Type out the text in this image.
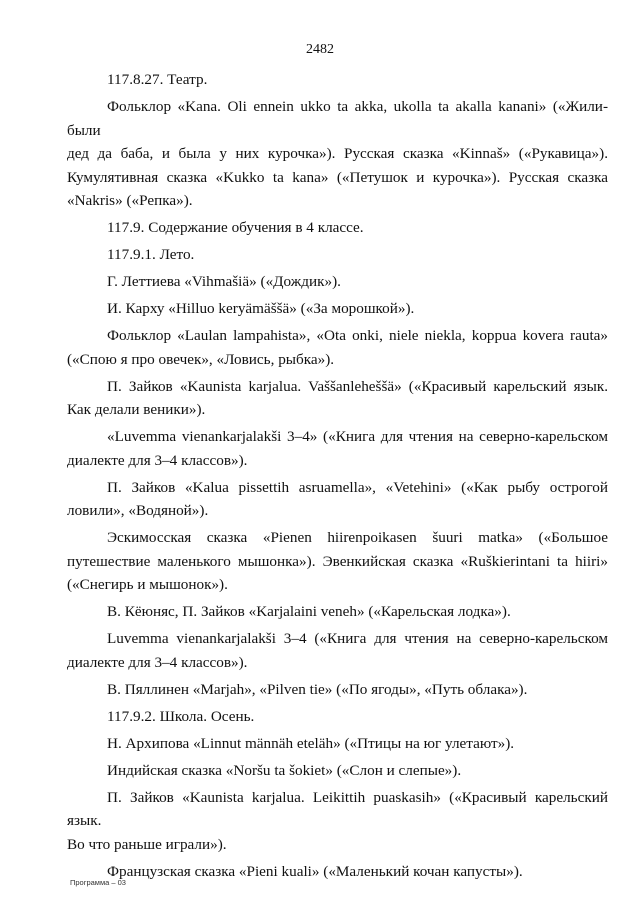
2482
117.8.27. Театр.
Фольклор «Kana. Oli ennein ukko ta akka, ukolla ta akalla kanani» («Жили-были
дед да баба, и была у них курочка»). Русская сказка «Kinnaš» («Рукавица»).
Кумулятивная сказка «Kukko ta kana» («Петушок и курочка»). Русская сказка
«Nakris» («Репка»).
117.9. Содержание обучения в 4 классе.
117.9.1. Лето.
Г. Леттиева «Vihmašiä» («Дождик»).
И. Карху «Hilluo keryämäššä» («За морошкой»).
Фольклор «Laulan lampahista», «Ota onki, niele niekla, koppua kovera rauta»
(«Спою я про овечек», «Ловись, рыбка»).
П. Зайков «Kaunista karjalua. Vaššanleheššä» («Красивый карельский язык.
Как делали веники»).
«Luvemma vienankarjalakši 3–4» («Книга для чтения на северно-карельском
диалекте для 3–4 классов»).
П. Зайков «Kalua pissettih asruamella», «Vetehini» («Как рыбу острогой
ловили», «Водяной»).
Эскимосская сказка «Pienen hiirenpoikasen šuuri matka» («Большое
путешествие маленького мышонка»). Эвенкийская сказка «Ruškierintani ta hiiri»
(«Снегирь и мышонок»).
В. Кёюняс, П. Зайков «Karjalaini veneh» («Карельская лодка»).
Luvemma vienankarjalakši 3–4 («Книга для чтения на северно-карельском
диалекте для 3–4 классов»).
В. Пяллинен «Marjah», «Pilven tie» («По ягоды», «Путь облака»).
117.9.2. Школа. Осень.
Н. Архипова «Linnut männäh eteläh» («Птицы на юг улетают»).
Индийская сказка «Noršu ta šokiet» («Слон и слепые»).
П. Зайков «Kaunista karjalua. Leikittih puaskasih» («Красивый карельский язык.
Во что раньше играли»).
Французская сказка «Pieni kuali» («Маленький кочан капусты»).
Программа – 03
